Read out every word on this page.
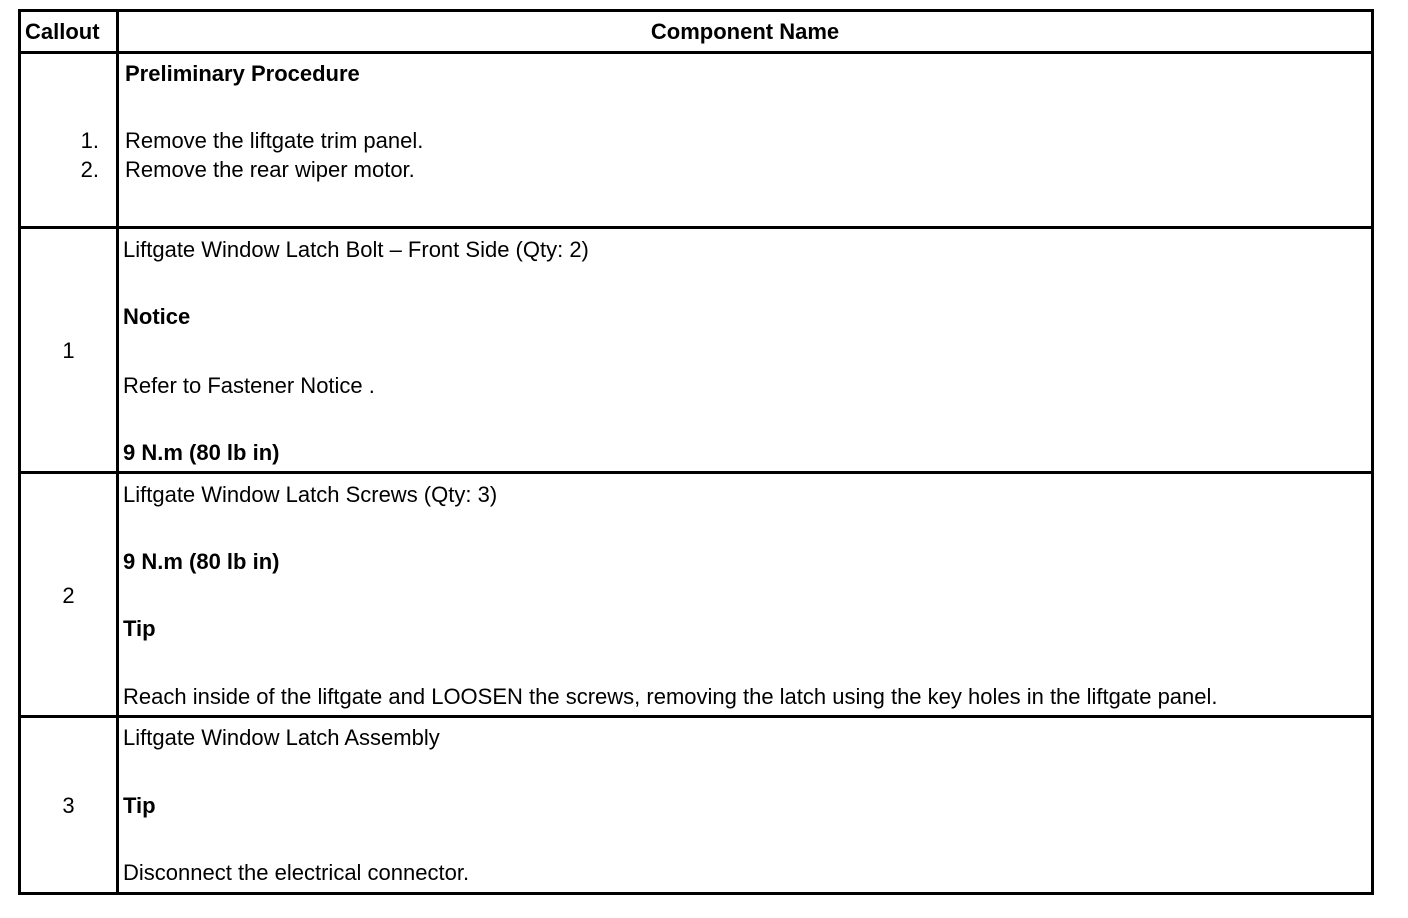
Callout	Component Name
Preliminary Procedure
1. Remove the liftgate trim panel.
2. Remove the rear wiper motor.
1
Liftgate Window Latch Bolt – Front Side (Qty: 2)
Notice
Refer to Fastener Notice .
9 N.m (80 lb in)
2
Liftgate Window Latch Screws (Qty: 3)
9 N.m (80 lb in)
Tip
Reach inside of the liftgate and LOOSEN the screws, removing the latch using the key holes in the liftgate panel.
3
Liftgate Window Latch Assembly
Tip
Disconnect the electrical connector.
